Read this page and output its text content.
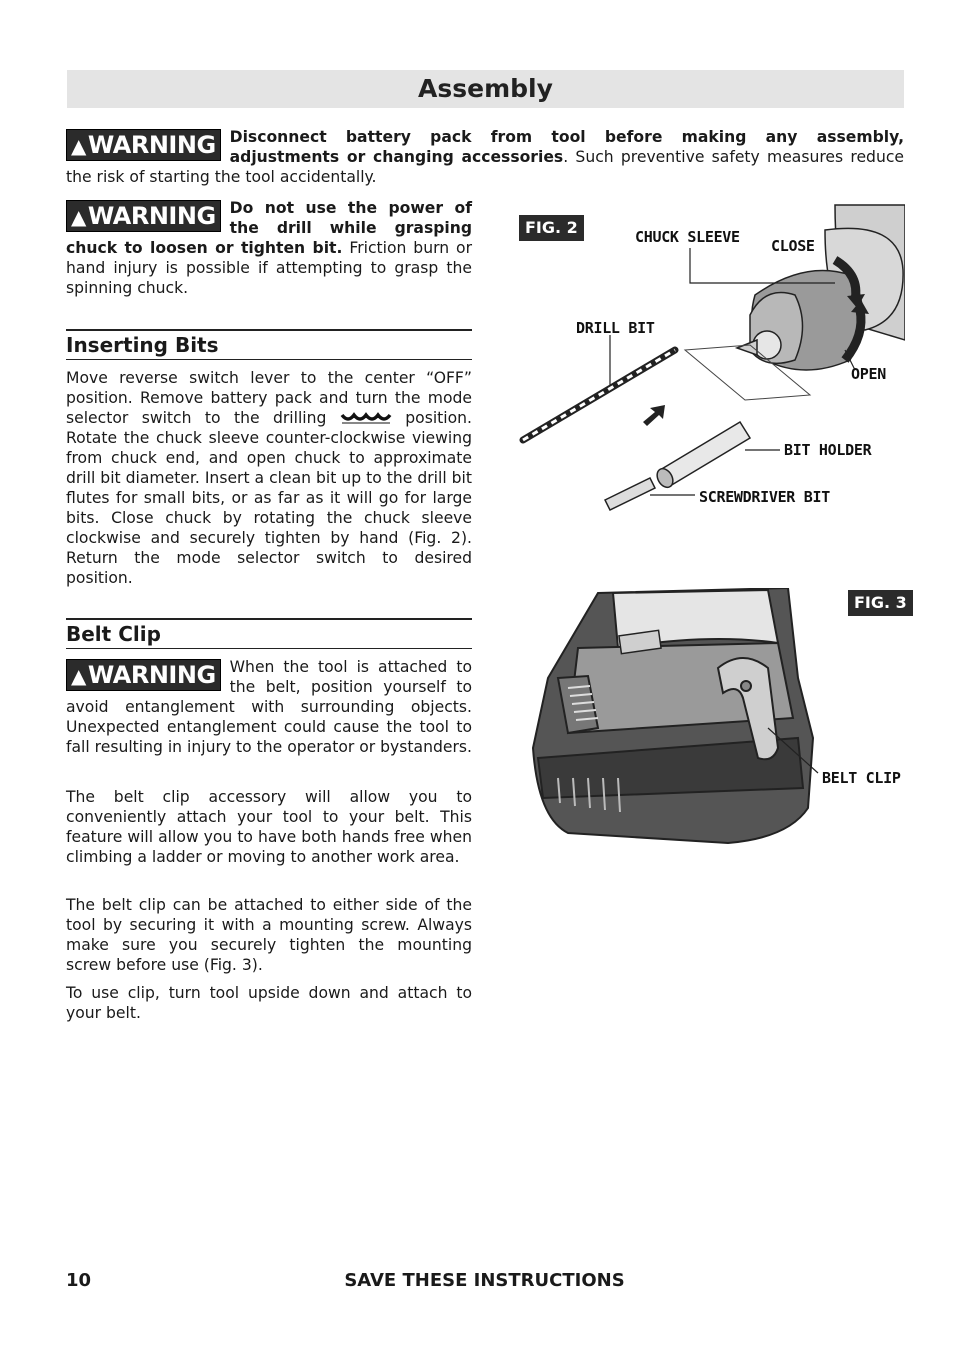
Assembly
▲WARNING Disconnect battery pack from tool before making any assembly, adjustments or changing accessories. Such preventive safety measures reduce the risk of starting the tool accidentally.

▲WARNING Do not use the power of the drill while grasping chuck to loosen or tighten bit. Friction burn or hand injury is possible if attempting to grasp the spinning chuck.

Inserting Bits

Move reverse switch lever to the center “OFF” position. Remove battery pack and turn the mode selector switch to the drilling	position. Rotate the chuck sleeve counter-clockwise viewing from chuck end, and open chuck to approximate drill bit diameter. Insert a clean bit up to the drill bit flutes for small bits, or as far as it will go for large bits. Close chuck by rotating the chuck sleeve clockwise and securely tighten by hand (Fig. 2). Return the mode selector switch to desired position.

Belt Clip
▲WARNING When the tool is attached to the belt, position yourself to avoid entanglement with surrounding objects. Unexpected entanglement could cause the tool to fall resulting in injury to the operator or bystanders.

The belt clip accessory will allow you to conveniently attach your tool to your belt. This feature will allow you to have both hands free when climbing a ladder or moving to another work area.
The belt clip can be attached to either side of the tool by securing it with a mounting screw. Always make sure you securely tighten the mounting screw before use (Fig. 3).
To use clip, turn tool upside down and attach to your belt.
FIG. 2	CHUCK SLEEVE CLOSE
DRILL BIT
OPEN
BIT HOLDER
SCREWDRIVER BIT
FIG. 3
BELT CLIP
10	SAVE THESE INSTRUCTIONS
